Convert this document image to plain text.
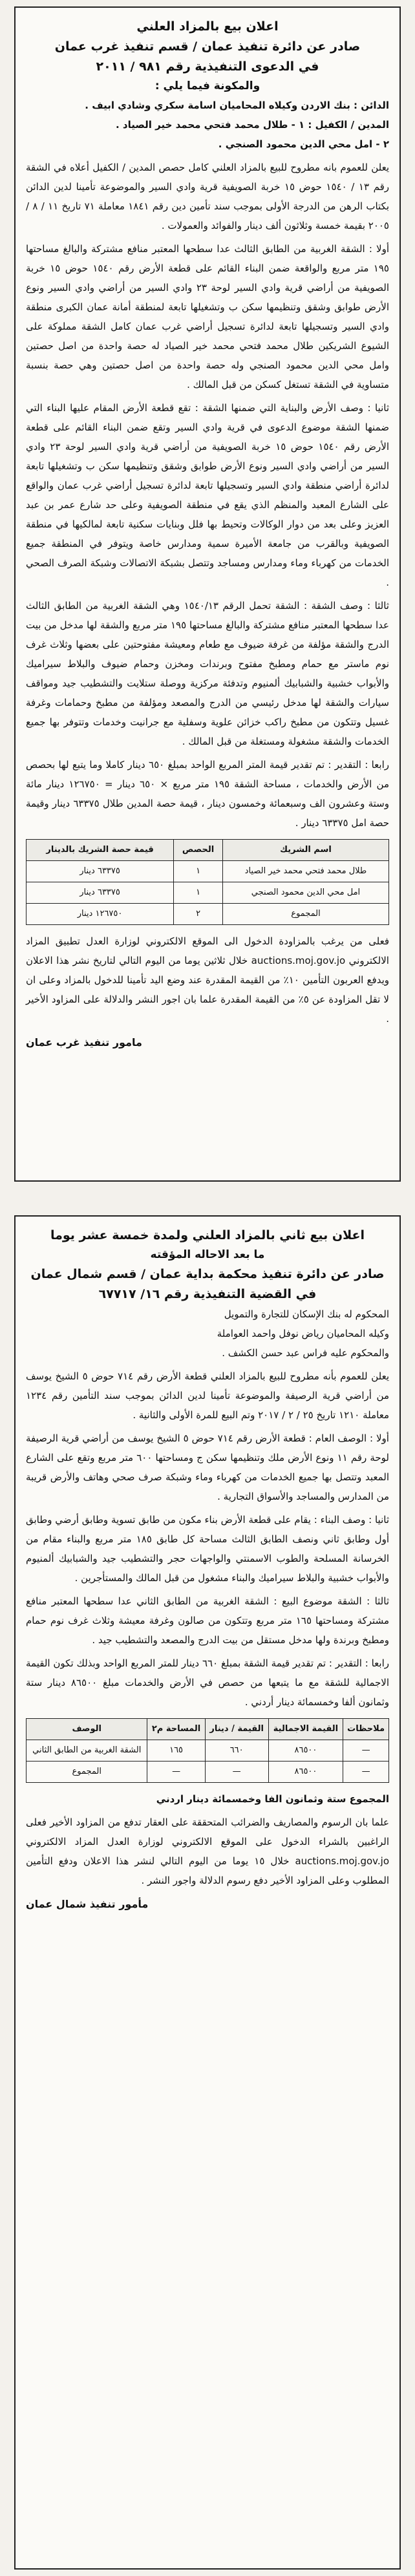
اعلان بيع بالمزاد العلني
صادر عن دائرة تنفيذ عمان / قسم تنفيذ غرب عمان
في الدعوى التنفيذية رقم ٩٨١ / ٢٠١١
والمكونة فيما يلي :

الدائن : بنك الاردن وكيلاه المحاميان اسامة سكري وشادي ابيف .

المدين / الكفيل : ١ - طلال محمد فتحي محمد خير الصياد .

٢ - امل محي الدين محمود الصنجي .

يعلن للعموم بانه مطروح للبيع بالمزاد العلني كامل حصص المدين / الكفيل أعلاه في الشقة رقم ١٣ / ١٥٤٠ حوض ١٥ خربة الصويفية قرية وادي السير والموضوعة تأمينا لدين الدائن بكتاب الرهن من الدرجة الأولى بموجب سند تأمين دين رقم ١٨٤١ معاملة ٧١ تاريخ ١١ / ٨ / ٢٠٠٥ بقيمة خمسة وثلاثون ألف دينار والفوائد والعمولات .

أولا : الشقة الغربية من الطابق الثالث عدا سطحها المعتبر منافع مشتركة والبالغ مساحتها ١٩٥ متر مربع والواقعة ضمن البناء القائم على قطعة الأرض رقم ١٥٤٠ حوض ١٥ خربة الصويفية من أراضي قرية وادي السير لوحة ٢٣ وادي السير من أراضي وادي السير ونوع الأرض طوابق وشقق وتنظيمها سكن ب وتشغيلها تابعة لمنطقة أمانة عمان الكبرى منطقة وادي السير وتسجيلها تابعة لدائرة تسجيل أراضي غرب عمان كامل الشقة مملوكة على الشيوع الشريكين طلال محمد فتحي محمد خير الصياد له حصة واحدة من اصل حصتين وامل محي الدين محمود الصنجي وله حصة واحدة من اصل حصتين وهي حصة بنسبة متساوية في الشقة تستغل كسكن من قبل المالك .

ثانيا : وصف الأرض والبناية التي ضمنها الشقة : تقع قطعة الأرض المقام عليها البناء التي ضمنها الشقة موضوع الدعوى في قرية وادي السير وتقع ضمن البناء القائم على قطعة الأرض رقم ١٥٤٠ حوض ١٥ خربة الصويفية من أراضي قرية وادي السير لوحة ٢٣ وادي السير من أراضي وادي السير ونوع الأرض طوابق وشقق وتنظيمها سكن ب وتشغيلها تابعة لدائرة أراضي منطقة وادي السير وتسجيلها تابعة لدائرة تسجيل أراضي غرب عمان والواقع على الشارع المعبد والمنظم الذي يقع في منطقة الصويفية وعلى حد شارع عمر بن عبد العزيز وعلى بعد من دوار الوكالات وتحيط بها فلل وبنايات سكنية تابعة لمالكيها في منطقة الصويفية وبالقرب من جامعة الأميرة سمية ومدارس خاصة ويتوفر في المنطقة جميع الخدمات من كهرباء وماء ومدارس ومساجد وتتصل بشبكة الاتصالات وشبكة الصرف الصحي .

ثالثا : وصف الشقة : الشقة تحمل الرقم ١٥٤٠/١٣ وهي الشقة الغربية من الطابق الثالث عدا سطحها المعتبر منافع مشتركة والبالغ مساحتها ١٩٥ متر مربع والشقة لها مدخل من بيت الدرج والشقة مؤلفة من غرفة ضيوف مع طعام ومعيشة مفتوحتين على بعضها وثلاث غرف نوم ماستر مع حمام ومطبخ مفتوح وبرندات ومخزن وحمام ضيوف والبلاط سيراميك والأبواب خشبية والشبابيك ألمنيوم وتدفئة مركزية ووصلة ستلايت والتشطيب جيد ومواقف سيارات والشقة لها مدخل رئيسي من الدرج والمصعد ومؤلفة من مطبخ وحمامات وغرفة غسيل وتتكون من مطبخ راكب خزائن علوية وسفلية مع جرانيت وخدمات وتتوفر بها جميع الخدمات والشقة مشغولة ومستغلة من قبل المالك .

رابعا : التقدير : تم تقدير قيمة المتر المربع الواحد بمبلغ ٦٥٠ دينار كاملا وما يتبع لها بحصص من الأرض والخدمات ، مساحة الشقة ١٩٥ متر مربع × ٦٥٠ دينار = ١٢٦٧٥٠ دينار مائة وستة وعشرون الف وسبعمائة وخمسون دينار ، قيمة حصة المدين طلال ٦٣٣٧٥ دينار وقيمة حصة امل ٦٣٣٧٥ دينار .

اسم الشريك	الحصص	قيمة حصة الشريك بالدينار
طلال محمد فتحي محمد خير الصياد	١	٦٣٣٧٥ دينار
امل محي الدين محمود الصنجي	١	٦٣٣٧٥ دينار
المجموع	٢	١٢٦٧٥٠ دينار

فعلى من يرغب بالمزاودة الدخول الى الموقع الالكتروني لوزارة العدل تطبيق المزاد الالكتروني auctions.moj.gov.jo خلال ثلاثين يوما من اليوم التالي لتاريخ نشر هذا الاعلان ويدفع العربون التأمين ١٠٪ من القيمة المقدرة عند وضع اليد تأمينا للدخول بالمزاد وعلى ان لا تقل المزاودة عن ٥٪ من القيمة المقدرة علما بان اجور النشر والدلالة على المزاود الأخير .

مامور تنفيذ غرب عمان
اعلان بيع ثاني بالمزاد العلني ولمدة خمسة عشر يوما
ما بعد الاحاله المؤقته
صادر عن دائرة تنفيذ محكمة بداية عمان / قسم شمال عمان
في القضية التنفيذية رقم ١٦/ ٦٧٧١٧

المحكوم له بنك الإسكان للتجارة والتمويل

وكيله المحاميان رياض نوفل واحمد العواملة

والمحكوم عليه فراس عبد حسن الكشف .

يعلن للعموم بأنه مطروح للبيع بالمزاد العلني قطعة الأرض رقم ٧١٤ حوض ٥ الشيخ يوسف من أراضي قرية الرصيفة والموضوعة تأمينا لدين الدائن بموجب سند التأمين رقم ١٢٣٤ معاملة ١٢١٠ تاريخ ٢٥ / ٢ / ٢٠١٧ وتم البيع للمرة الأولى والثانية .

أولا : الوصف العام : قطعة الأرض رقم ٧١٤ حوض ٥ الشيخ يوسف من أراضي قرية الرصيفة لوحة رقم ١١ ونوع الأرض ملك وتنظيمها سكن ج ومساحتها ٦٠٠ متر مربع وتقع على الشارع المعبد وتتصل بها جميع الخدمات من كهرباء وماء وشبكة صرف صحي وهاتف والأرض قريبة من المدارس والمساجد والأسواق التجارية .

ثانيا : وصف البناء : يقام على قطعة الأرض بناء مكون من طابق تسوية وطابق أرضي وطابق أول وطابق ثاني ونصف الطابق الثالث مساحة كل طابق ١٨٥ متر مربع والبناء مقام من الخرسانة المسلحة والطوب الاسمنتي والواجهات حجر والتشطيب جيد والشبابيك ألمنيوم والأبواب خشبية والبلاط سيراميك والبناء مشغول من قبل المالك والمستأجرين .

ثالثا : الشقة موضوع البيع : الشقة الغربية من الطابق الثاني عدا سطحها المعتبر منافع مشتركة ومساحتها ١٦٥ متر مربع وتتكون من صالون وغرفة معيشة وثلاث غرف نوم حمام ومطبخ وبرندة ولها مدخل مستقل من بيت الدرج والمصعد والتشطيب جيد .

رابعا : التقدير : تم تقدير قيمة الشقة بمبلغ ٦٦٠ دينار للمتر المربع الواحد وبذلك تكون القيمة الاجمالية للشقة مع ما يتبعها من حصص في الأرض والخدمات مبلغ ٨٦٥٠٠ دينار ستة وثمانون ألفا وخمسمائة دينار أردني .

ملاحظات	القيمة الاجمالية	القيمة / دينار	المساحة م٢	الوصف
—	٨٦٥٠٠	٦٦٠	١٦٥	الشقة الغربية من الطابق الثاني
—	٨٦٥٠٠	—	—	المجموع

المجموع ستة وثمانون الفا وخمسمائة دينار اردني

علما بان الرسوم والمصاريف والضرائب المتحققة على العقار تدفع من المزاود الأخير فعلى الراغبين بالشراء الدخول على الموقع الالكتروني لوزارة العدل المزاد الالكتروني auctions.moj.gov.jo خلال ١٥ يوما من اليوم التالي لنشر هذا الاعلان ودفع التأمين المطلوب وعلى المزاود الأخير دفع رسوم الدلالة واجور النشر .

مأمور تنفيذ شمال عمان
